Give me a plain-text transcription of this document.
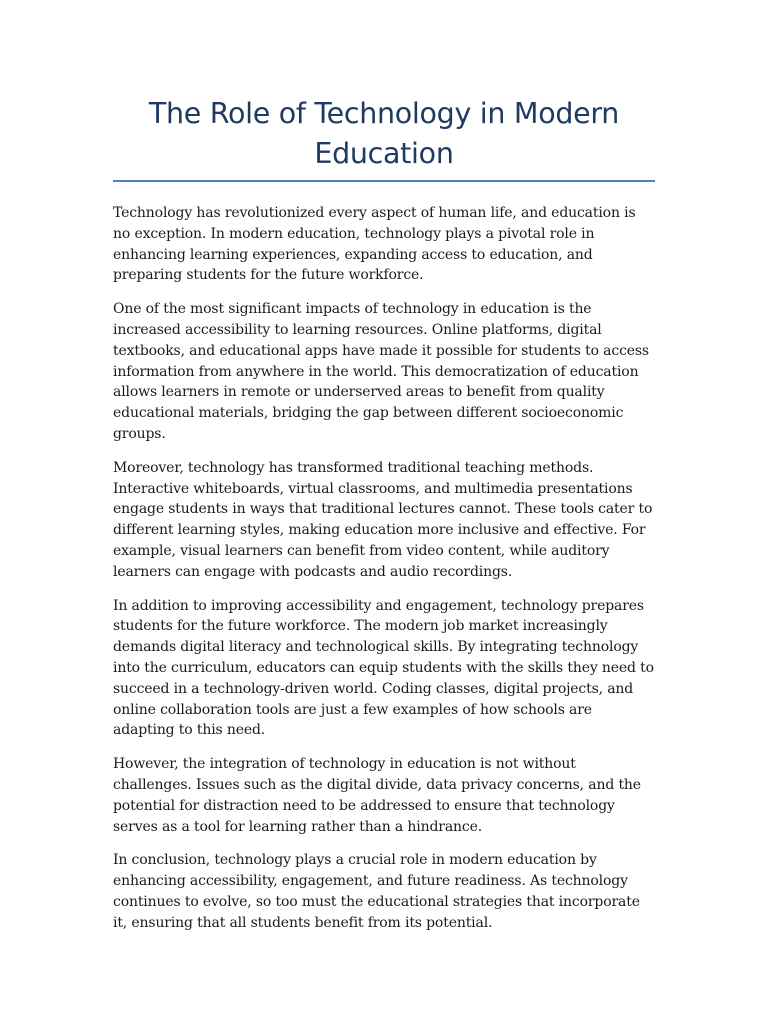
The Role of Technology in Modern Education

Technology has revolutionized every aspect of human life, and education is no exception. In modern education, technology plays a pivotal role in enhancing learning experiences, expanding access to education, and preparing students for the future workforce.

One of the most significant impacts of technology in education is the increased accessibility to learning resources. Online platforms, digital textbooks, and educational apps have made it possible for students to access information from anywhere in the world. This democratization of education allows learners in remote or underserved areas to benefit from quality educational materials, bridging the gap between different socioeconomic groups.

Moreover, technology has transformed traditional teaching methods. Interactive whiteboards, virtual classrooms, and multimedia presentations engage students in ways that traditional lectures cannot. These tools cater to different learning styles, making education more inclusive and effective. For example, visual learners can benefit from video content, while auditory learners can engage with podcasts and audio recordings.

In addition to improving accessibility and engagement, technology prepares students for the future workforce. The modern job market increasingly demands digital literacy and technological skills. By integrating technology into the curriculum, educators can equip students with the skills they need to succeed in a technology-driven world. Coding classes, digital projects, and online collaboration tools are just a few examples of how schools are adapting to this need.

However, the integration of technology in education is not without challenges. Issues such as the digital divide, data privacy concerns, and the potential for distraction need to be addressed to ensure that technology serves as a tool for learning rather than a hindrance.

In conclusion, technology plays a crucial role in modern education by enhancing accessibility, engagement, and future readiness. As technology continues to evolve, so too must the educational strategies that incorporate it, ensuring that all students benefit from its potential.
